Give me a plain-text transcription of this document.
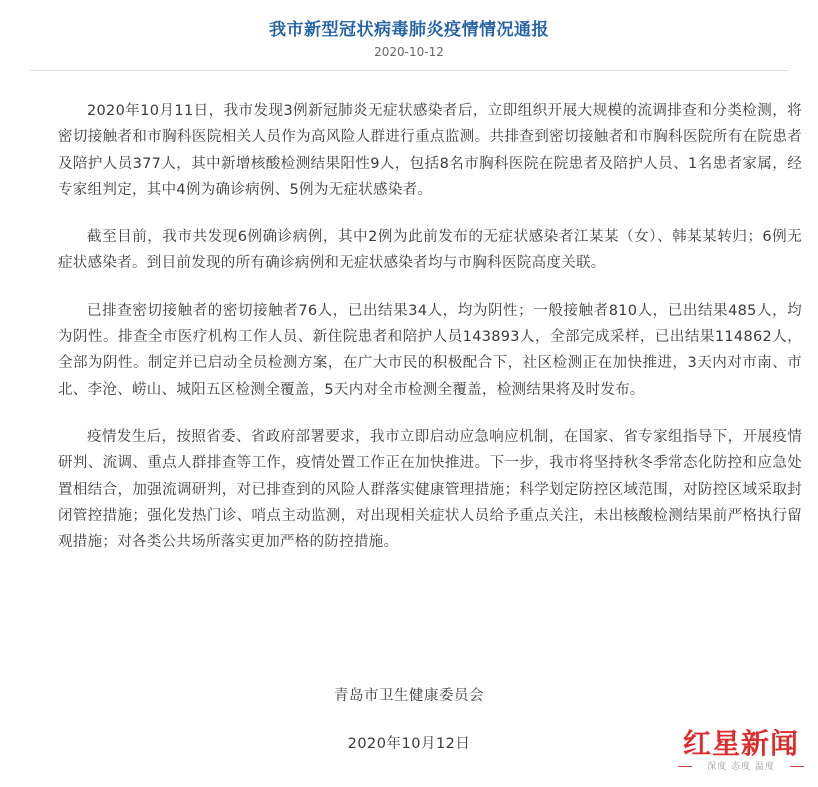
我市新型冠状病毒肺炎疫情情况通报
2020-10-12

2020年10月11日，我市发现3例新冠肺炎无症状感染者后，立即组织开展大规模的流调排查和分类检测，将密切接触者和市胸科医院相关人员作为高风险人群进行重点监测。共排查到密切接触者和市胸科医院所有在院患者及陪护人员377人，其中新增核酸检测结果阳性9人，包括8名市胸科医院在院患者及陪护人员、1名患者家属，经专家组判定，其中4例为确诊病例、5例为无症状感染者。

截至目前，我市共发现6例确诊病例，其中2例为此前发布的无症状感染者江某某（女）、韩某某转归；6例无症状感染者。到目前发现的所有确诊病例和无症状感染者均与市胸科医院高度关联。

已排查密切接触者的密切接触者76人，已出结果34人，均为阴性；一般接触者810人，已出结果485人，均为阴性。排查全市医疗机构工作人员、新住院患者和陪护人员143893人，全部完成采样，已出结果114862人，全部为阴性。制定并已启动全员检测方案，在广大市民的积极配合下，社区检测正在加快推进，3天内对市南、市北、李沧、崂山、城阳五区检测全覆盖，5天内对全市检测全覆盖，检测结果将及时发布。

疫情发生后，按照省委、省政府部署要求，我市立即启动应急响应机制，在国家、省专家组指导下，开展疫情研判、流调、重点人群排查等工作，疫情处置工作正在加快推进。下一步，我市将坚持秋冬季常态化防控和应急处置相结合，加强流调研判，对已排查到的风险人群落实健康管理措施；科学划定防控区域范围，对防控区域采取封闭管控措施；强化发热门诊、哨点主动监测，对出现相关症状人员给予重点关注，未出核酸检测结果前严格执行留观措施；对各类公共场所落实更加严格的防控措施。

青岛市卫生健康委员会
2020年10月12日	红星新闻
深度 态度 温度
